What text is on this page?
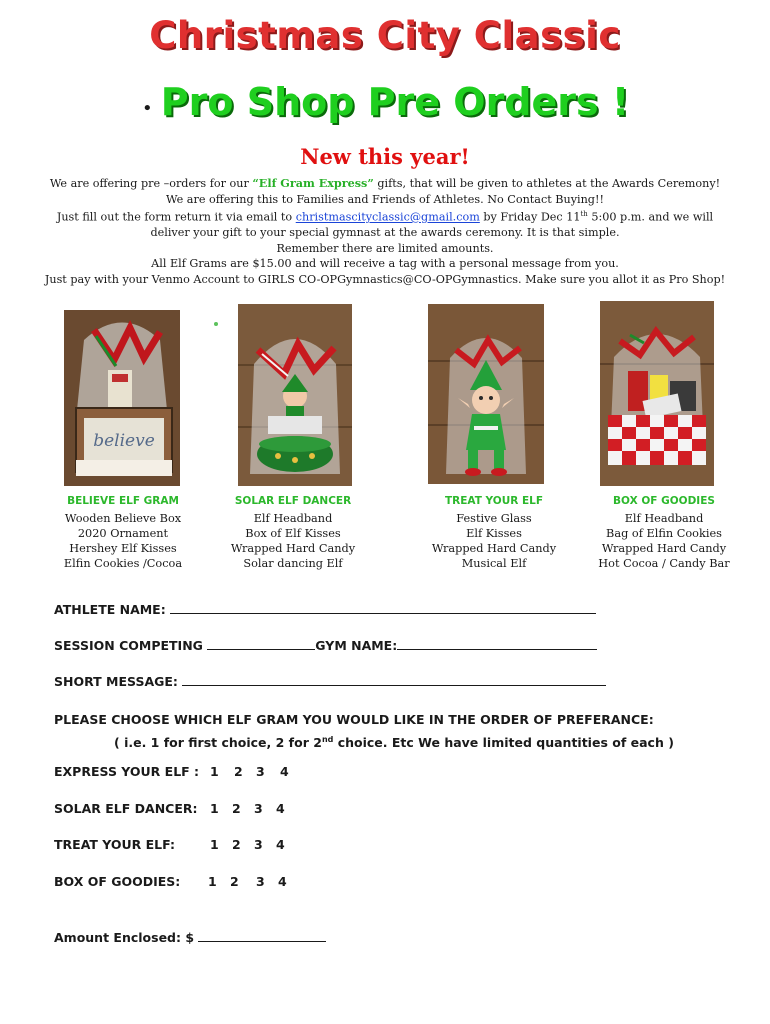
Christmas City Classic
• Pro Shop Pre Orders !
New this year!
We are offering pre –orders for our “Elf Gram Express” gifts, that will be given to athletes at the Awards Ceremony!
We are offering this to Families and Friends of Athletes. No Contact Buying!!
Just fill out the form return it via email to christmascityclassic@gmail.com by Friday Dec 11th 5:00 p.m. and we will
deliver your gift to your special gymnast at the awards ceremony. It is that simple.
Remember there are limited amounts.
All Elf Grams are $15.00 and will receive a tag with a personal message from you.
Just pay with your Venmo Account to GIRLS CO-OPGymnastics@CO-OPGymnastics. Make sure you allot it as Pro Shop!
believe
BELIEVE ELF GRAM
Wooden Believe Box
2020 Ornament
Hershey Elf Kisses
Elfin Cookies /Cocoa
SOLAR ELF DANCER
Elf Headband
Box of Elf Kisses
Wrapped Hard Candy
Solar dancing Elf
TREAT YOUR ELF
Festive Glass
Elf Kisses
Wrapped Hard Candy
Musical Elf
BOX OF GOODIES
Elf Headband
Bag of Elfin Cookies
Wrapped Hard Candy
Hot Cocoa / Candy Bar
ATHLETE NAME:
SESSION COMPETING	GYM NAME:
SHORT MESSAGE:
PLEASE CHOOSE WHICH ELF GRAM YOU WOULD LIKE IN THE ORDER OF PREFERANCE:
( i.e. 1 for first choice, 2 for 2nd choice. Etc We have limited quantities of each )
EXPRESS YOUR ELF : 1 2 3 4
SOLAR ELF DANCER: 1 2 3 4
TREAT YOUR ELF:	1 2 3 4
BOX OF GOODIES: 1 2 3 4
Amount Enclosed: $
